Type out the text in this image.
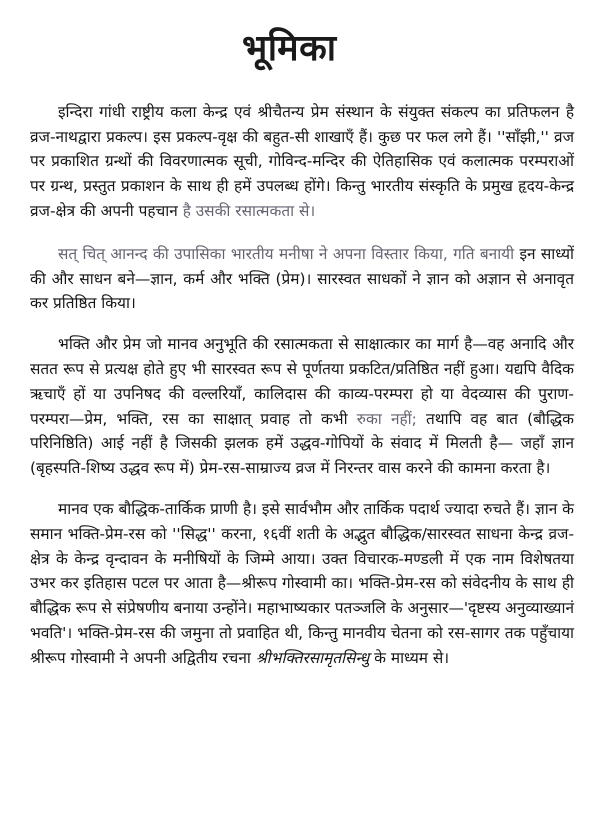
भूमिका

इन्दिरा गांधी राष्ट्रीय कला केन्द्र एवं श्रीचैतन्य प्रेम संस्थान के संयुक्त संकल्प का प्रतिफलन है व्रज-नाथद्वारा प्रकल्प। इस प्रकल्प-वृक्ष की बहुत-सी शाखाएँ हैं। कुछ पर फल लगे हैं। ''साँझी,'' व्रज पर प्रकाशित ग्रन्थों की विवरणात्मक सूची, गोविन्द-मन्दिर की ऐतिहासिक एवं कलात्मक परम्पराओं पर ग्रन्थ, प्रस्तुत प्रकाशन के साथ ही हमें उपलब्ध होंगे। किन्तु भारतीय संस्कृति के प्रमुख हृदय-केन्द्र व्रज-क्षेत्र की अपनी पहचान है उसकी रसात्मकता से।

सत् चित् आनन्द की उपासिका भारतीय मनीषा ने अपना विस्तार किया, गति बनायी इन साध्यों की और साधन बने—ज्ञान, कर्म और भक्ति (प्रेम)। सारस्वत साधकों ने ज्ञान को अज्ञान से अनावृत कर प्रतिष्ठित किया।

भक्ति और प्रेम जो मानव अनुभूति की रसात्मकता से साक्षात्कार का मार्ग है—वह अनादि और सतत रूप से प्रत्यक्ष होते हुए भी सारस्वत रूप से पूर्णतया प्रकटित/प्रतिष्ठित नहीं हुआ। यद्यपि वैदिक ऋचाएँ हों या उपनिषद की वल्लरियाँ, कालिदास की काव्य-परम्परा हो या वेदव्यास की पुराण-परम्परा—प्रेम, भक्ति, रस का साक्षात् प्रवाह तो कभी रुका नहीं; तथापि वह बात (बौद्धिक परिनिष्ठिति) आई नहीं है जिसकी झलक हमें उद्धव-गोपियों के संवाद में मिलती है— जहाँ ज्ञान (बृहस्पति-शिष्य उद्धव रूप में) प्रेम-रस-साम्राज्य व्रज में निरन्तर वास करने की कामना करता है।

मानव एक बौद्धिक-तार्किक प्राणी है। इसे सार्वभौम और तार्किक पदार्थ ज्यादा रुचते हैं। ज्ञान के समान भक्ति-प्रेम-रस को ''सिद्ध'' करना, १६वीं शती के अद्भुत बौद्धिक/सारस्वत साधना केन्द्र व्रज-क्षेत्र के केन्द्र वृन्दावन के मनीषियों के जिम्मे आया। उक्त विचारक-मण्डली में एक नाम विशेषतया उभर कर इतिहास पटल पर आता है—श्रीरूप गोस्वामी का। भक्ति-प्रेम-रस को संवेदनीय के साथ ही बौद्धिक रूप से संप्रेषणीय बनाया उन्होंने। महाभाष्यकार पतञ्जलि के अनुसार—'दृष्टस्य अनुव्याख्यानं भवति'। भक्ति-प्रेम-रस की जमुना तो प्रवाहित थी, किन्तु मानवीय चेतना को रस-सागर तक पहुँचाया श्रीरूप गोस्वामी ने अपनी अद्वितीय रचना श्रीभक्तिरसामृतसिन्धु के माध्यम से।
